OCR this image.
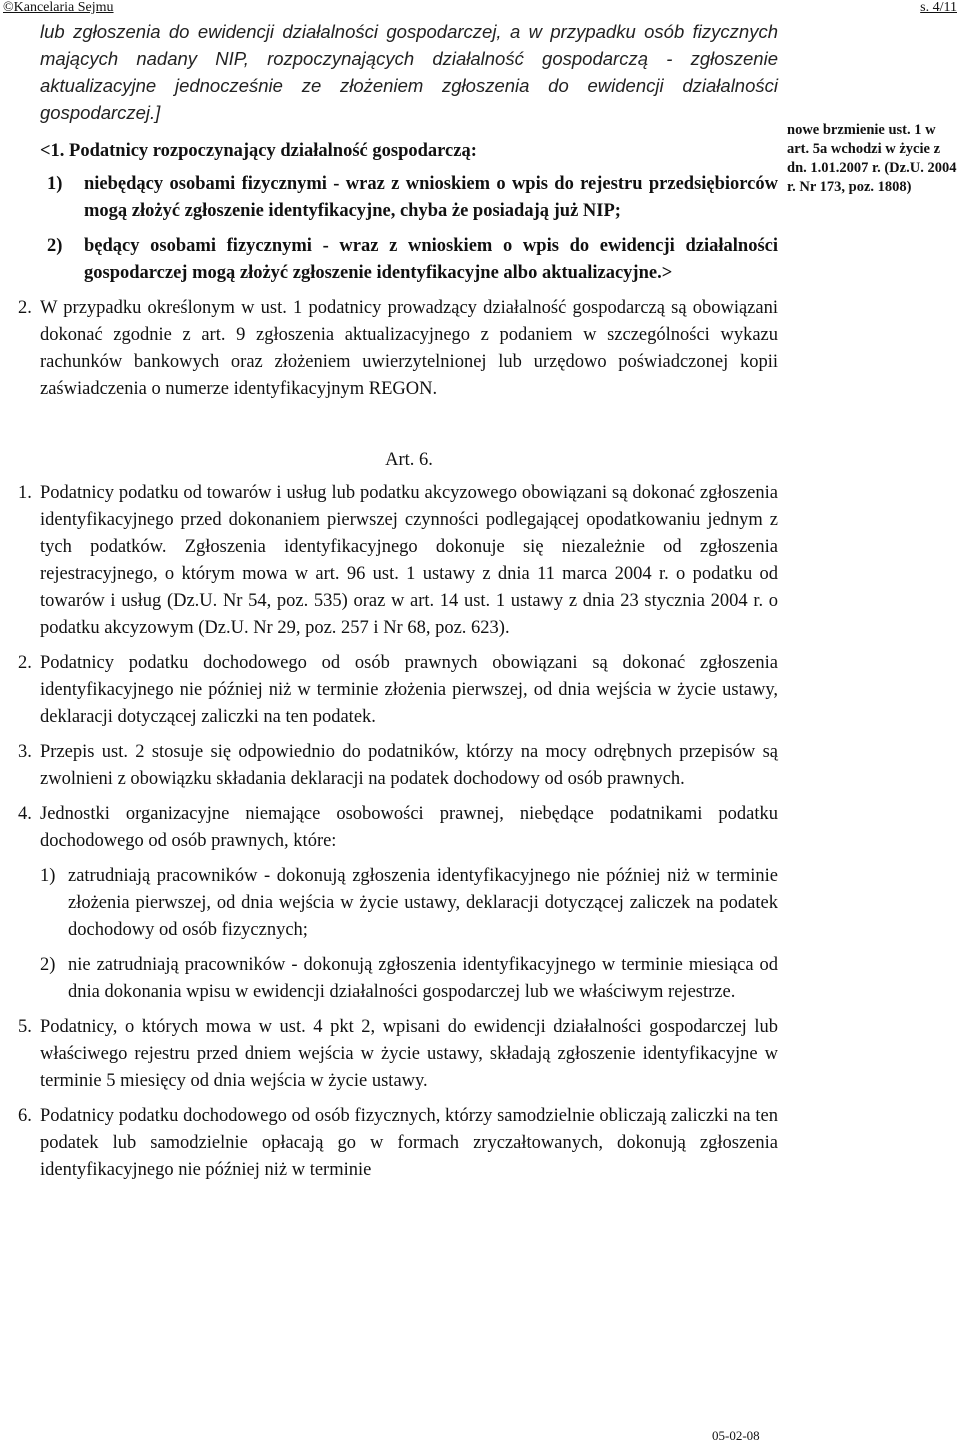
©Kancelaria Sejmu	s. 4/11

lub zgłoszenia do ewidencji działalności gospodarczej, a w przypadku osób fizycznych mających nadany NIP, rozpoczynających działalność gospodarczą - zgłoszenie aktualizacyjne jednocześnie ze złożeniem zgłoszenia do ewidencji działalności gospodarczej.]

<1. Podatnicy rozpoczynający działalność gospodarczą:

1)	niebędący osobami fizycznymi - wraz z wnioskiem o wpis do rejestru przedsiębiorców mogą złożyć zgłoszenie identyfikacyjne, chyba że posiadają już NIP;
2)	będący osobami fizycznymi - wraz z wnioskiem o wpis do ewidencji działalności gospodarczej mogą złożyć zgłoszenie identyfikacyjne albo aktualizacyjne.>
2. W przypadku określonym w ust. 1 podatnicy prowadzący działalność gospodarczą są obowiązani dokonać zgodnie z art. 9 zgłoszenia aktualizacyjnego z podaniem w szczególności wykazu rachunków bankowych oraz złożeniem uwierzytelnionej lub urzędowo poświadczonej kopii zaświadczenia o numerze identyfikacyjnym REGON.
Art. 6.
1. Podatnicy podatku od towarów i usług lub podatku akcyzowego obowiązani są dokonać zgłoszenia identyfikacyjnego przed dokonaniem pierwszej czynności podlegającej opodatkowaniu jednym z tych podatków. Zgłoszenia identyfikacyjnego dokonuje się niezależnie od zgłoszenia rejestracyjnego, o którym mowa w art. 96 ust. 1 ustawy z dnia 11 marca 2004 r. o podatku od towarów i usług (Dz.U. Nr 54, poz. 535) oraz w art. 14 ust. 1 ustawy z dnia 23 stycznia 2004 r. o podatku akcyzowym (Dz.U. Nr 29, poz. 257 i Nr 68, poz. 623).
2. Podatnicy podatku dochodowego od osób prawnych obowiązani są dokonać zgłoszenia identyfikacyjnego nie później niż w terminie złożenia pierwszej, od dnia wejścia w życie ustawy, deklaracji dotyczącej zaliczki na ten podatek.
3. Przepis ust. 2 stosuje się odpowiednio do podatników, którzy na mocy odrębnych przepisów są zwolnieni z obowiązku składania deklaracji na podatek dochodowy od osób prawnych.
4. Jednostki organizacyjne niemające osobowości prawnej, niebędące podatnikami podatku dochodowego od osób prawnych, które:
1) zatrudniają pracowników - dokonują zgłoszenia identyfikacyjnego nie później niż w terminie złożenia pierwszej, od dnia wejścia w życie ustawy, deklaracji dotyczącej zaliczek na podatek dochodowy od osób fizycznych;
2) nie zatrudniają pracowników - dokonują zgłoszenia identyfikacyjnego w terminie miesiąca od dnia dokonania wpisu w ewidencji działalności gospodarczej lub we właściwym rejestrze.
5. Podatnicy, o których mowa w ust. 4 pkt 2, wpisani do ewidencji działalności gospodarczej lub właściwego rejestru przed dniem wejścia w życie ustawy, składają zgłoszenie identyfikacyjne w terminie 5 miesięcy od dnia wejścia w życie ustawy.
6. Podatnicy podatku dochodowego od osób fizycznych, którzy samodzielnie obliczają zaliczki na ten podatek lub samodzielnie opłacają go w formach zryczałtowanych, dokonują zgłoszenia identyfikacyjnego nie później niż w terminie
nowe brzmienie ust. 1 w art. 5a wchodzi w życie z dn. 1.01.2007 r. (Dz.U. 2004 r. Nr 173, poz. 1808)
05-02-08
